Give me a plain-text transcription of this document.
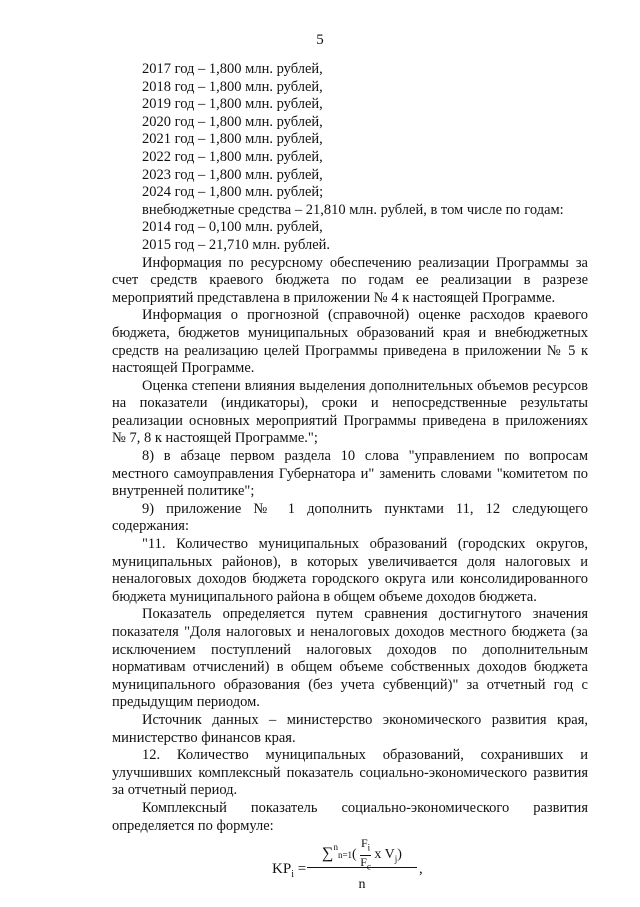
5

2017 год – 1,800 млн. рублей,

2018 год – 1,800 млн. рублей,

2019 год – 1,800 млн. рублей,

2020 год – 1,800 млн. рублей,

2021 год – 1,800 млн. рублей,

2022 год – 1,800 млн. рублей,

2023 год – 1,800 млн. рублей,

2024 год – 1,800 млн. рублей;

внебюджетные средства – 21,810 млн. рублей, в том числе по годам:

2014 год – 0,100 млн. рублей,

2015 год – 21,710 млн. рублей.

Информация по ресурсному обеспечению реализации Программы за счет средств краевого бюджета по годам ее реализации в разрезе мероприятий представлена в приложении № 4 к настоящей Программе.

Информация о прогнозной (справочной) оценке расходов краевого бюджета, бюджетов муниципальных образований края и внебюджетных средств на реализацию целей Программы приведена в приложении № 5 к настоящей Программе.

Оценка степени влияния выделения дополнительных объемов ресурсов на показатели (индикаторы), сроки и непосредственные результаты реализации основных мероприятий Программы приведена в приложениях № 7, 8 к настоящей Программе.";

8) в абзаце первом раздела 10 слова "управлением по вопросам местного самоуправления Губернатора и" заменить словами "комитетом по внутренней политике";

9) приложение № 1 дополнить пунктами 11, 12 следующего содержания:

"11. Количество муниципальных образований (городских округов, муниципальных районов), в которых увеличивается доля налоговых и неналоговых доходов бюджета городского округа или консолидированного бюджета муниципального района в общем объеме доходов бюджета.

Показатель определяется путем сравнения достигнутого значения показателя "Доля налоговых и неналоговых доходов местного бюджета (за исключением поступлений налоговых доходов по дополнительным нормативам отчислений) в общем объеме собственных доходов бюджета муниципального образования (без учета субвенций)" за отчетный год с предыдущим периодом.

Источник данных – министерство экономического развития края, министерство финансов края.

12. Количество муниципальных образований, сохранивших и улучшивших комплексный показатель социально-экономического развития за отчетный период.

Комплексный показатель социально-экономического развития определяется по формуле:

$KP_i$ =
$\sum^nn=1( \frac{F_i}{F_c}$ x $V_j$)
n
,
